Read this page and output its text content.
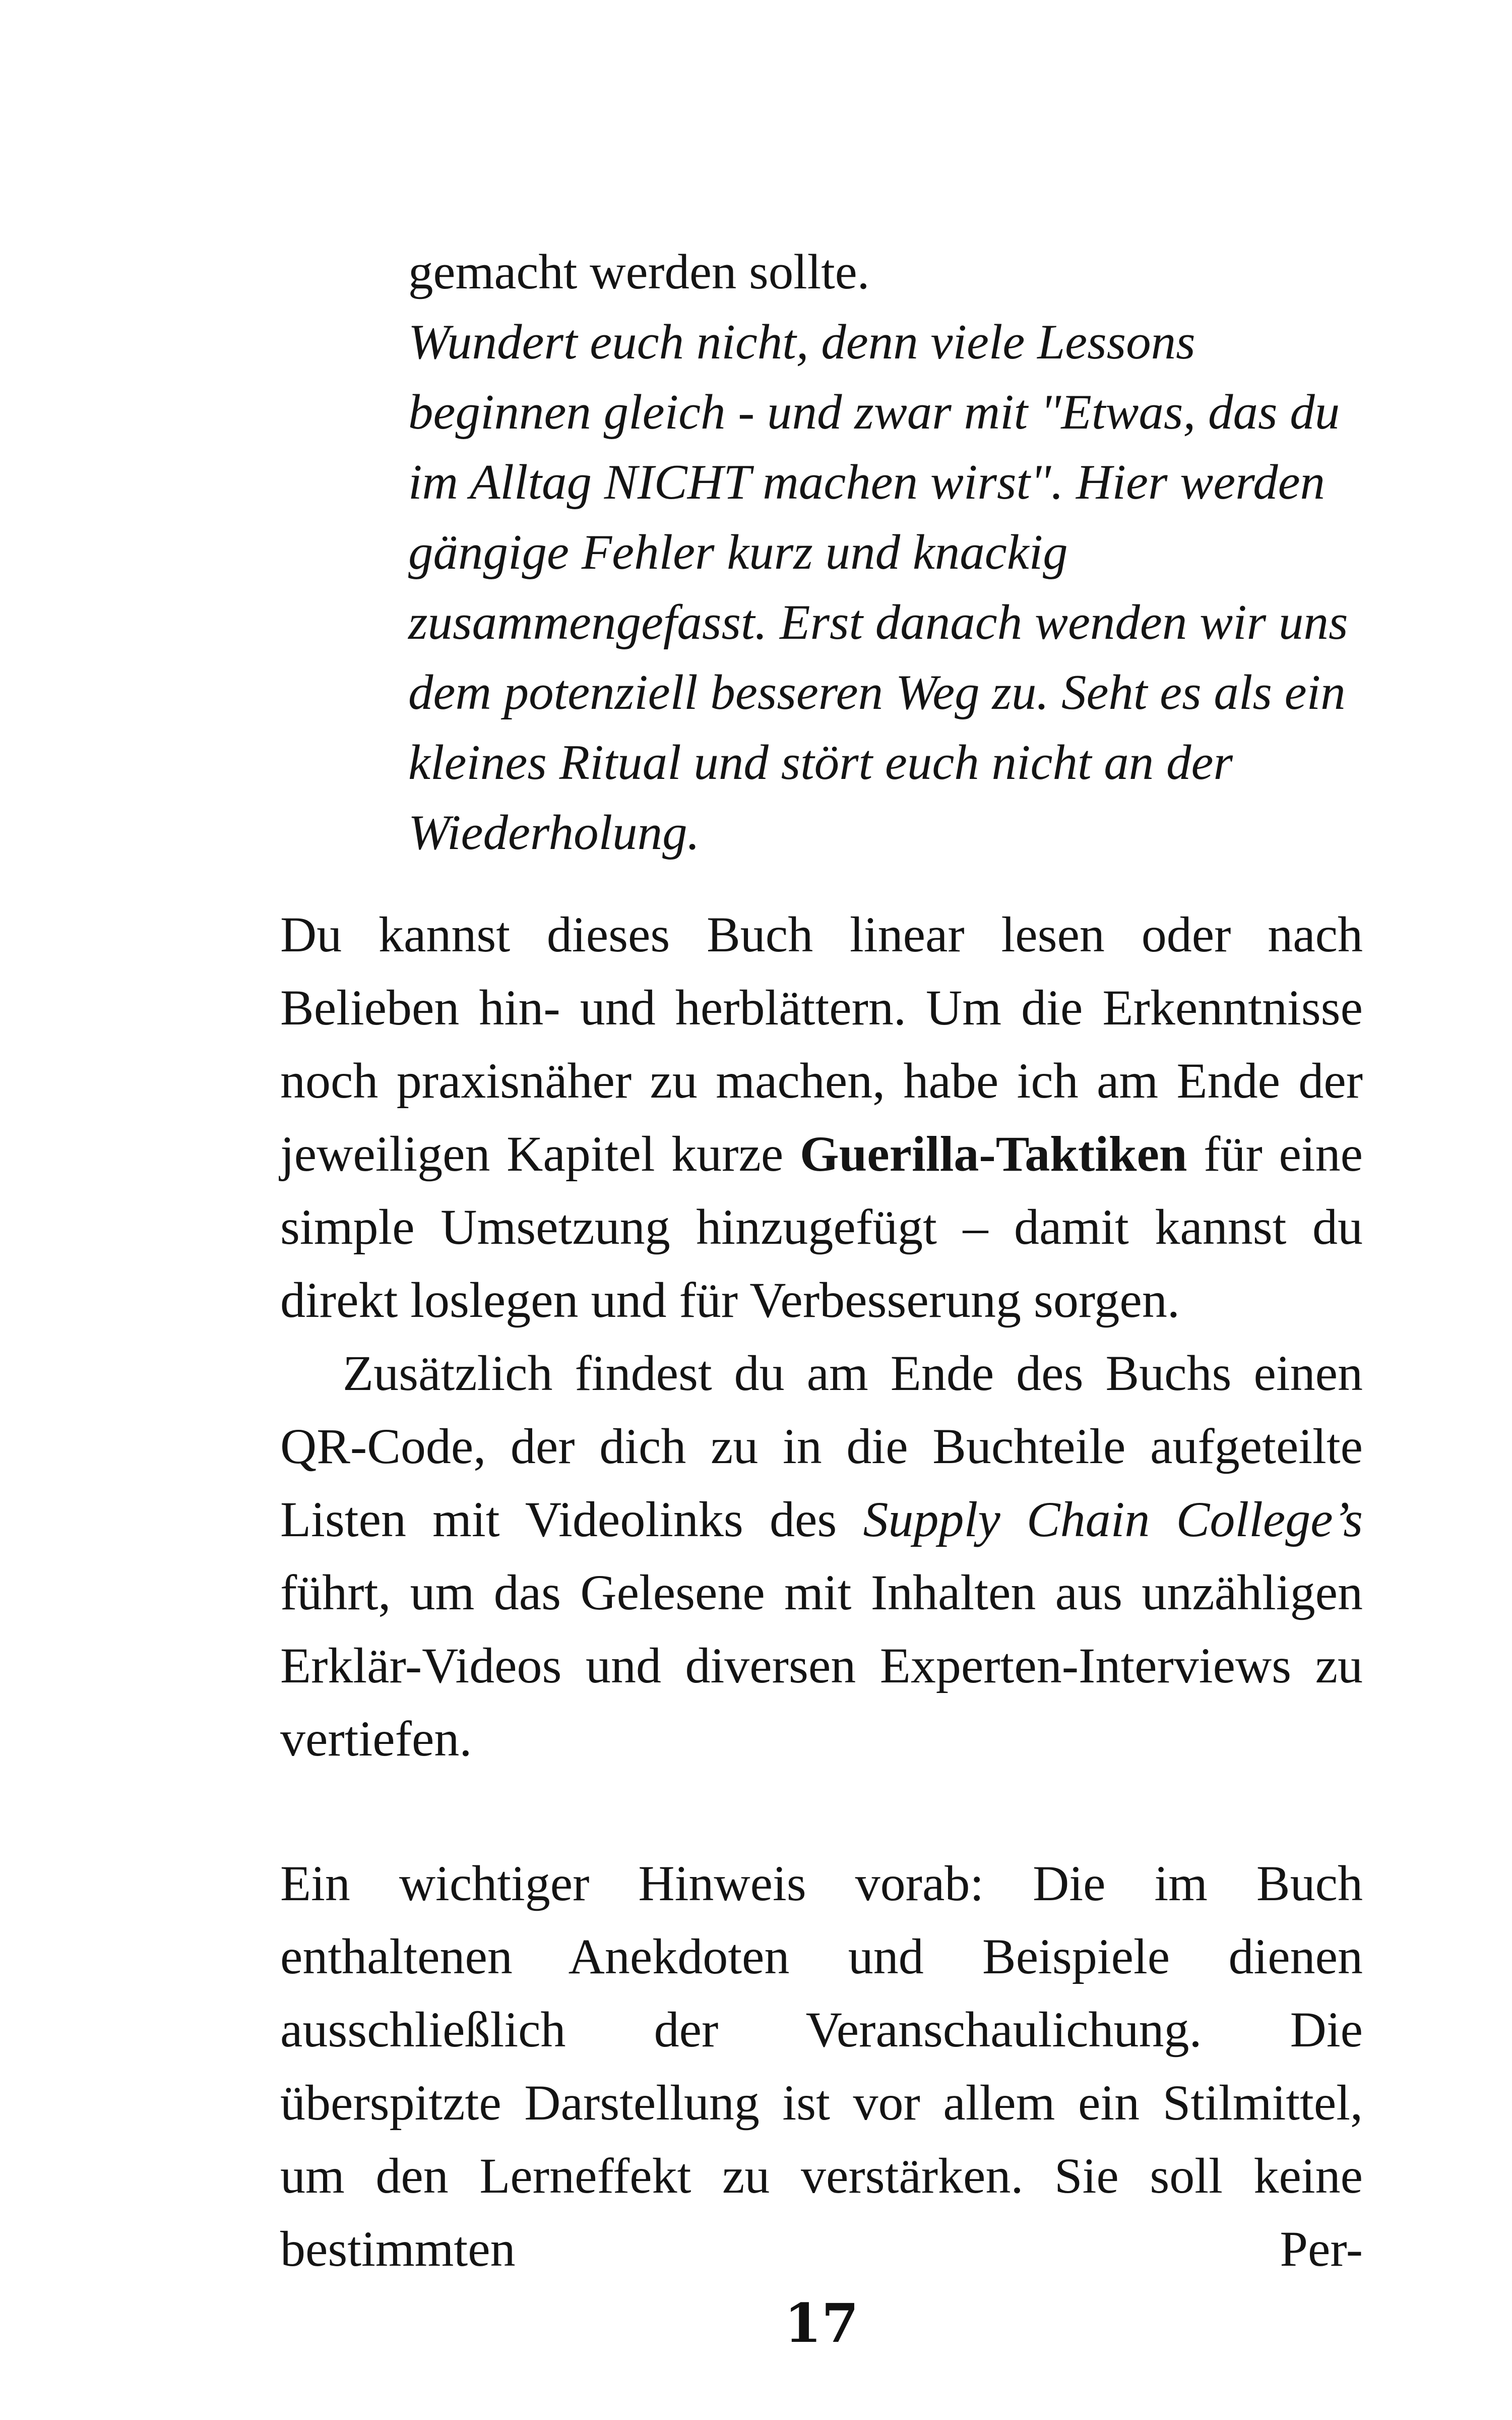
gemacht werden sollte.

Wundert euch nicht, denn viele Lessons beginnen gleich - und zwar mit "Etwas, das du im Alltag NICHT machen wirst". Hier werden gängige Fehler kurz und knackig zusammengefasst. Erst danach wenden wir uns dem potenziell besseren Weg zu. Seht es als ein kleines Ritual und stört euch nicht an der Wiederholung.

Du kannst dieses Buch linear lesen oder nach Belieben hin- und herblättern. Um die Erkenntnisse noch praxisnäher zu machen, habe ich am Ende der jeweiligen Kapitel kurze Guerilla-Taktiken für eine simple Umsetzung hinzugefügt – damit kannst du direkt loslegen und für Verbesserung sorgen.

Zusätzlich findest du am Ende des Buchs einen QR-Code, der dich zu in die Buchteile aufgeteilte Listen mit Videolinks des Supply Chain College’s führt, um das Gelesene mit Inhalten aus unzähligen Erklär-Videos und diversen Experten-Interviews zu vertiefen.

Ein wichtiger Hinweis vorab: Die im Buch enthaltenen Anekdoten und Beispiele dienen ausschließlich der Veranschaulichung. Die überspitzte Darstellung ist vor allem ein Stilmittel, um den Lerneffekt zu verstärken. Sie soll keine bestimmten Per-

17
